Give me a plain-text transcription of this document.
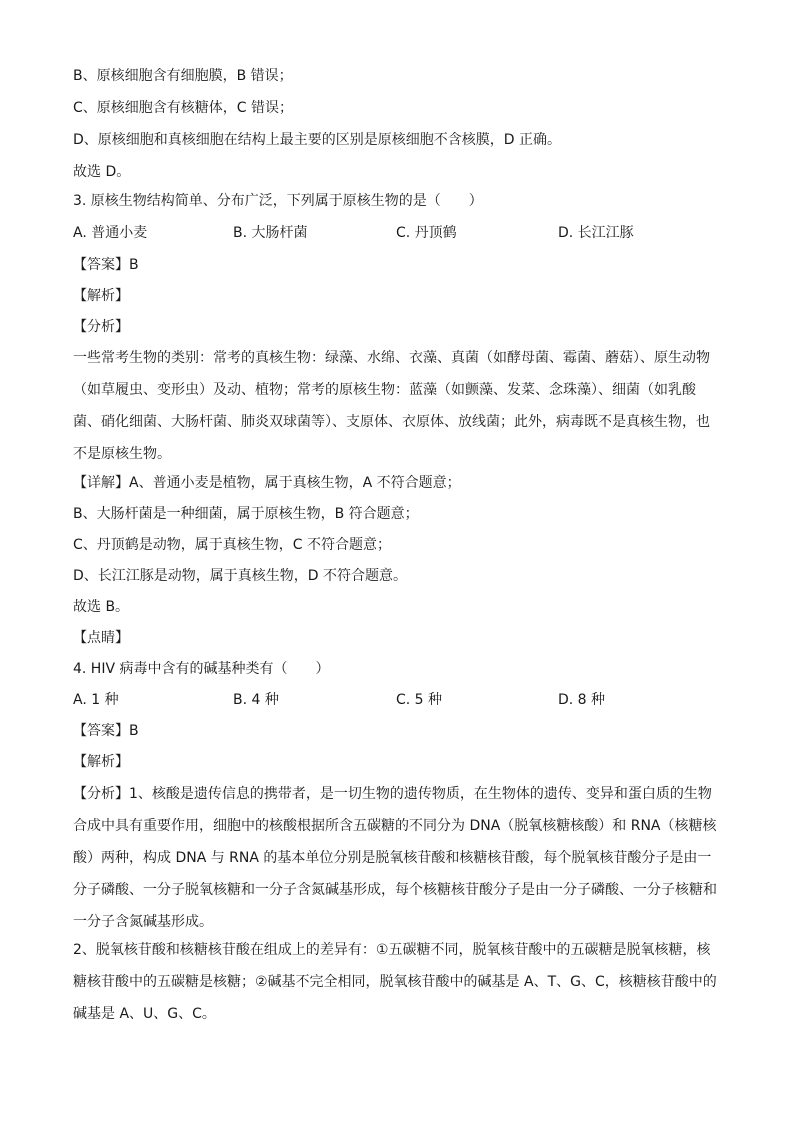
B、原核细胞含有细胞膜，B 错误；
C、原核细胞含有核糖体，C 错误；
D、原核细胞和真核细胞在结构上最主要的区别是原核细胞不含核膜，D 正确。
故选 D。
3. 原核生物结构简单、分布广泛，下列属于原核生物的是（　　）
A. 普通小麦	B. 大肠杆菌	C. 丹顶鹤	D. 长江江豚
【答案】B
【解析】
【分析】
一些常考生物的类别：常考的真核生物：绿藻、水绵、衣藻、真菌（如酵母菌、霉菌、蘑菇）、原生动物（如草履虫、变形虫）及动、植物；常考的原核生物：蓝藻（如颤藻、发菜、念珠藻）、细菌（如乳酸菌、硝化细菌、大肠杆菌、肺炎双球菌等）、支原体、衣原体、放线菌；此外，病毒既不是真核生物，也不是原核生物。
【详解】A、普通小麦是植物，属于真核生物，A 不符合题意；
B、大肠杆菌是一种细菌，属于原核生物，B 符合题意；
C、丹顶鹤是动物，属于真核生物，C 不符合题意；
D、长江江豚是动物，属于真核生物，D 不符合题意。
故选 B。
【点睛】
4. HIV 病毒中含有的碱基种类有（　　）
A. 1 种	B. 4 种	C. 5 种	D. 8 种
【答案】B
【解析】
【分析】1、核酸是遗传信息的携带者，是一切生物的遗传物质，在生物体的遗传、变异和蛋白质的生物合成中具有重要作用，细胞中的核酸根据所含五碳糖的不同分为 DNA（脱氧核糖核酸）和 RNA（核糖核酸）两种，构成 DNA 与 RNA 的基本单位分别是脱氧核苷酸和核糖核苷酸，每个脱氧核苷酸分子是由一分子磷酸、一分子脱氧核糖和一分子含氮碱基形成，每个核糖核苷酸分子是由一分子磷酸、一分子核糖和一分子含氮碱基形成。
2、脱氧核苷酸和核糖核苷酸在组成上的差异有：①五碳糖不同，脱氧核苷酸中的五碳糖是脱氧核糖，核糖核苷酸中的五碳糖是核糖；②碱基不完全相同，脱氧核苷酸中的碱基是 A、T、G、C，核糖核苷酸中的碱基是 A、U、G、C。
